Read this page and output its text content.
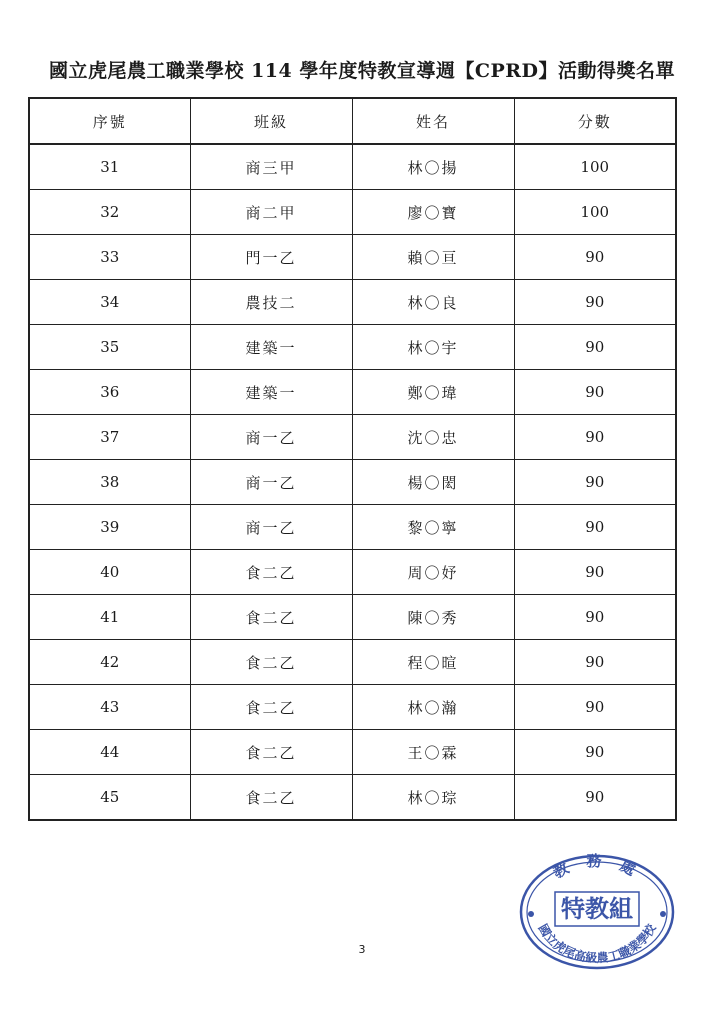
國立虎尾農工職業學校 114 學年度特教宣導週【CPRD】活動得獎名單
序號	班級	姓名	分數
31	商三甲	林〇揚	100
32	商二甲	廖〇寶	100
33	門一乙	賴〇亘	90
34	農技二	林〇良	90
35	建築一	林〇宇	90
36	建築一	鄭〇瑋	90
37	商一乙	沈〇忠	90
38	商一乙	楊〇閎	90
39	商一乙	黎〇寧	90
40	食二乙	周〇妤	90
41	食二乙	陳〇秀	90
42	食二乙	程〇暄	90
43	食二乙	林〇瀚	90
44	食二乙	王〇霖	90
45	食二乙	林〇琮	90
3
教 務 處
特教組
國立虎尾高級農工職業學校
